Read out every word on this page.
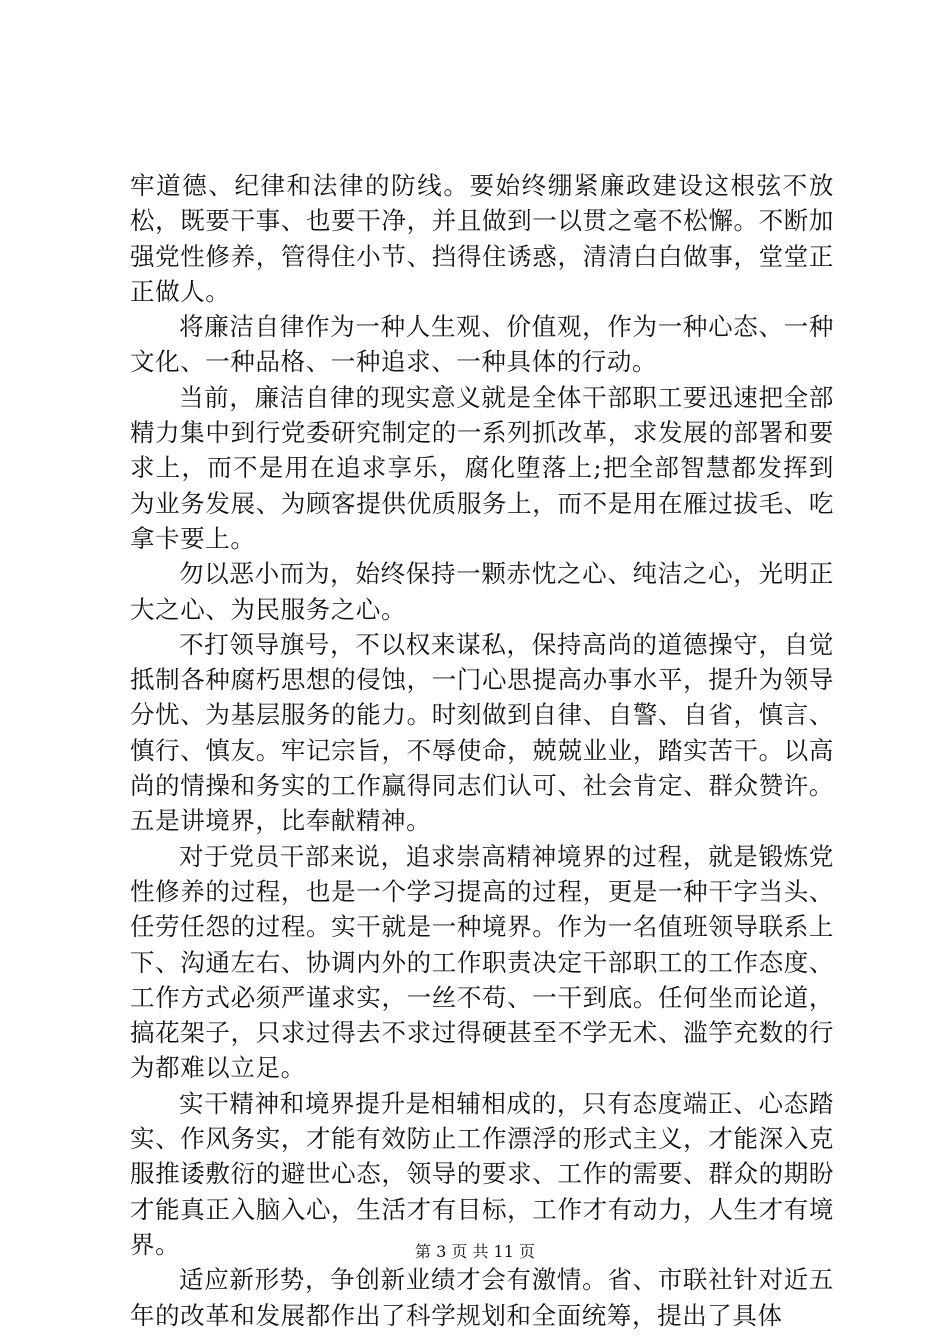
牢道德、纪律和法律的防线。要始终绷紧廉政建设这根弦不放松，既要干事、也要干净，并且做到一以贯之毫不松懈。不断加强党性修养，管得住小节、挡得住诱惑，清清白白做事，堂堂正正做人。

将廉洁自律作为一种人生观、价值观，作为一种心态、一种文化、一种品格、一种追求、一种具体的行动。

当前，廉洁自律的现实意义就是全体干部职工要迅速把全部精力集中到行党委研究制定的一系列抓改革，求发展的部署和要求上，而不是用在追求享乐，腐化堕落上;把全部智慧都发挥到为业务发展、为顾客提供优质服务上，而不是用在雁过拔毛、吃拿卡要上。

勿以恶小而为，始终保持一颗赤忱之心、纯洁之心，光明正大之心、为民服务之心。

不打领导旗号，不以权来谋私，保持高尚的道德操守，自觉抵制各种腐朽思想的侵蚀，一门心思提高办事水平，提升为领导分忧、为基层服务的能力。时刻做到自律、自警、自省，慎言、慎行、慎友。牢记宗旨，不辱使命，兢兢业业，踏实苦干。以高尚的情操和务实的工作赢得同志们认可、社会肯定、群众赞许。五是讲境界，比奉献精神。

对于党员干部来说，追求崇高精神境界的过程，就是锻炼党性修养的过程，也是一个学习提高的过程，更是一种干字当头、任劳任怨的过程。实干就是一种境界。作为一名值班领导联系上下、沟通左右、协调内外的工作职责决定干部职工的工作态度、工作方式必须严谨求实，一丝不苟、一干到底。任何坐而论道，搞花架子，只求过得去不求过得硬甚至不学无术、滥竽充数的行为都难以立足。

实干精神和境界提升是相辅相成的，只有态度端正、心态踏实、作风务实，才能有效防止工作漂浮的形式主义，才能深入克服推诿敷衍的避世心态，领导的要求、工作的需要、群众的期盼才能真正入脑入心，生活才有目标，工作才有动力，人生才有境界。

适应新形势，争创新业绩才会有激情。省、市联社针对近五年的改革和发展都作出了科学规划和全面统筹，提出了具体

第 3 页 共 11 页
